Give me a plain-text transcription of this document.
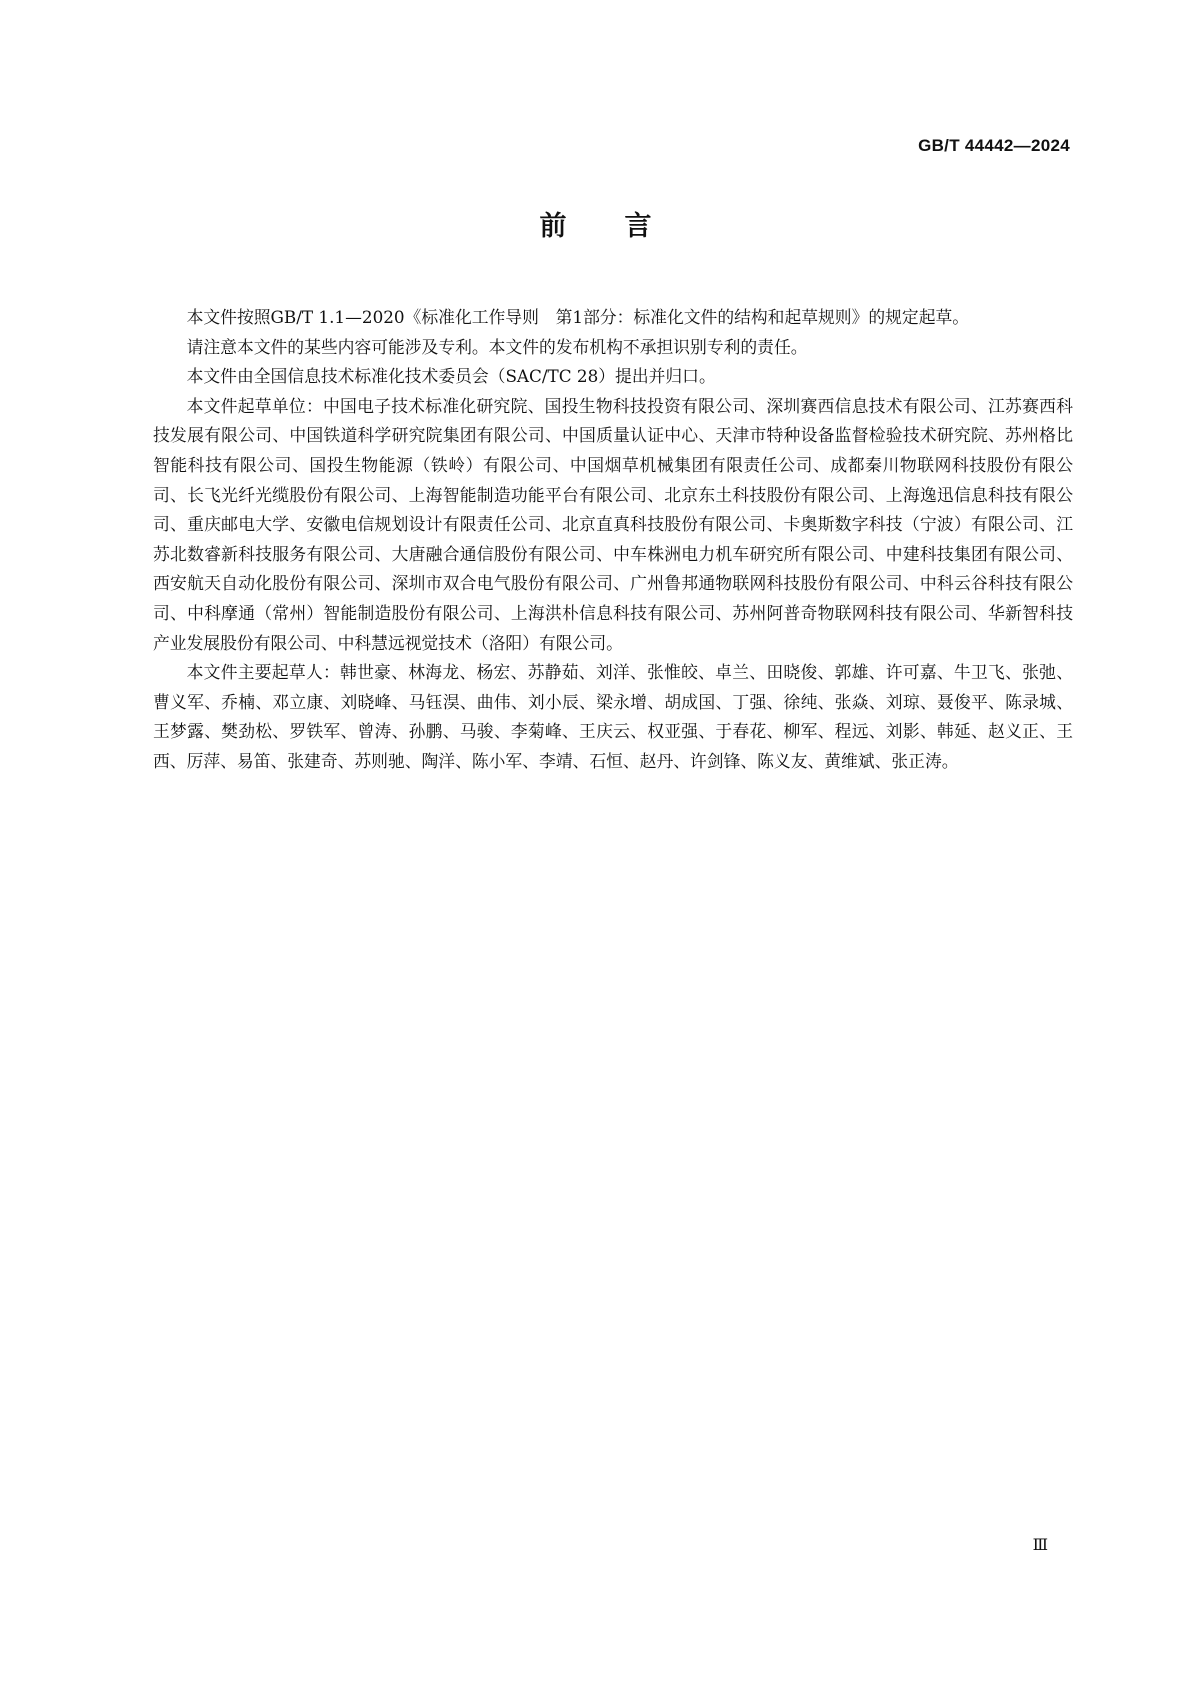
GB/T 44442—2024
前言

本文件按照GB/T 1.1—2020《标准化工作导则　第1部分：标准化文件的结构和起草规则》的规定起草。

请注意本文件的某些内容可能涉及专利。本文件的发布机构不承担识别专利的责任。

本文件由全国信息技术标准化技术委员会（SAC/TC 28）提出并归口。

本文件起草单位：中国电子技术标准化研究院、国投生物科技投资有限公司、深圳赛西信息技术有限公司、江苏赛西科技发展有限公司、中国铁道科学研究院集团有限公司、中国质量认证中心、天津市特种设备监督检验技术研究院、苏州格比智能科技有限公司、国投生物能源（铁岭）有限公司、中国烟草机械集团有限责任公司、成都秦川物联网科技股份有限公司、长飞光纤光缆股份有限公司、上海智能制造功能平台有限公司、北京东土科技股份有限公司、上海逸迅信息科技有限公司、重庆邮电大学、安徽电信规划设计有限责任公司、北京直真科技股份有限公司、卡奥斯数字科技（宁波）有限公司、江苏北数睿新科技服务有限公司、大唐融合通信股份有限公司、中车株洲电力机车研究所有限公司、中建科技集团有限公司、西安航天自动化股份有限公司、深圳市双合电气股份有限公司、广州鲁邦通物联网科技股份有限公司、中科云谷科技有限公司、中科摩通（常州）智能制造股份有限公司、上海洪朴信息科技有限公司、苏州阿普奇物联网科技有限公司、华新智科技产业发展股份有限公司、中科慧远视觉技术（洛阳）有限公司。

本文件主要起草人：韩世豪、林海龙、杨宏、苏静茹、刘洋、张惟皎、卓兰、田晓俊、郭雄、许可嘉、牛卫飞、张弛、曹义军、乔楠、邓立康、刘晓峰、马钰淏、曲伟、刘小辰、梁永增、胡成国、丁强、徐纯、张焱、刘琼、聂俊平、陈录城、王梦露、樊劲松、罗铁军、曾涛、孙鹏、马骏、李菊峰、王庆云、权亚强、于春花、柳军、程远、刘影、韩延、赵义正、王西、厉萍、易笛、张建奇、苏则驰、陶洋、陈小军、李靖、石恒、赵丹、许剑锋、陈义友、黄维斌、张正涛。

Ⅲ
